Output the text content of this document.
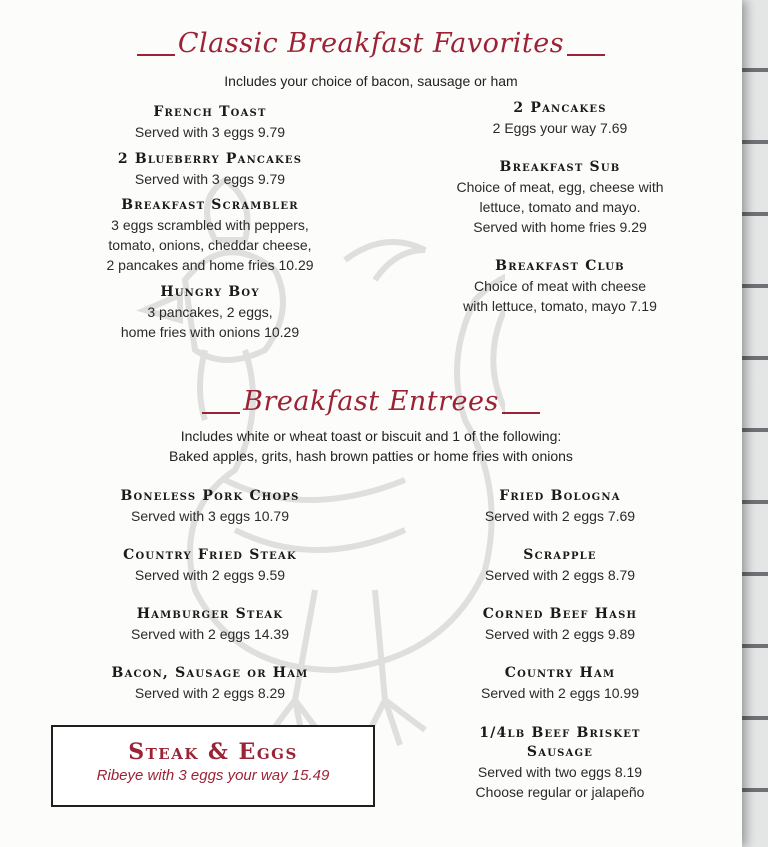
Classic Breakfast Favorites
Includes your choice of bacon, sausage or ham
French Toast
Served with 3 eggs 9.79
2 Blueberry Pancakes
Served with 3 eggs 9.79
Breakfast Scrambler
3 eggs scrambled with peppers,
tomato, onions, cheddar cheese,
2 pancakes and home fries 10.29
Hungry Boy
3 pancakes, 2 eggs,
home fries with onions 10.29
2 Pancakes
2 Eggs your way 7.69
Breakfast Sub
Choice of meat, egg, cheese with
lettuce, tomato and mayo.
Served with home fries 9.29
Breakfast Club
Choice of meat with cheese
with lettuce, tomato, mayo 7.19
Breakfast Entrees
Includes white or wheat toast or biscuit and 1 of the following:
Baked apples, grits, hash brown patties or home fries with onions
Boneless Pork Chops
Served with 3 eggs 10.79
Country Fried Steak
Served with 2 eggs 9.59
Hamburger Steak
Served with 2 eggs 14.39
Bacon, Sausage or Ham
Served with 2 eggs 8.29
Fried Bologna
Served with 2 eggs 7.69
Scrapple
Served with 2 eggs 8.79
Corned Beef Hash
Served with 2 eggs 9.89
Country Ham
Served with 2 eggs 10.99
1/4lb Beef Brisket
Sausage
Served with two eggs 8.19
Choose regular or jalapeño
Steak & Eggs
Ribeye with 3 eggs your way 15.49
